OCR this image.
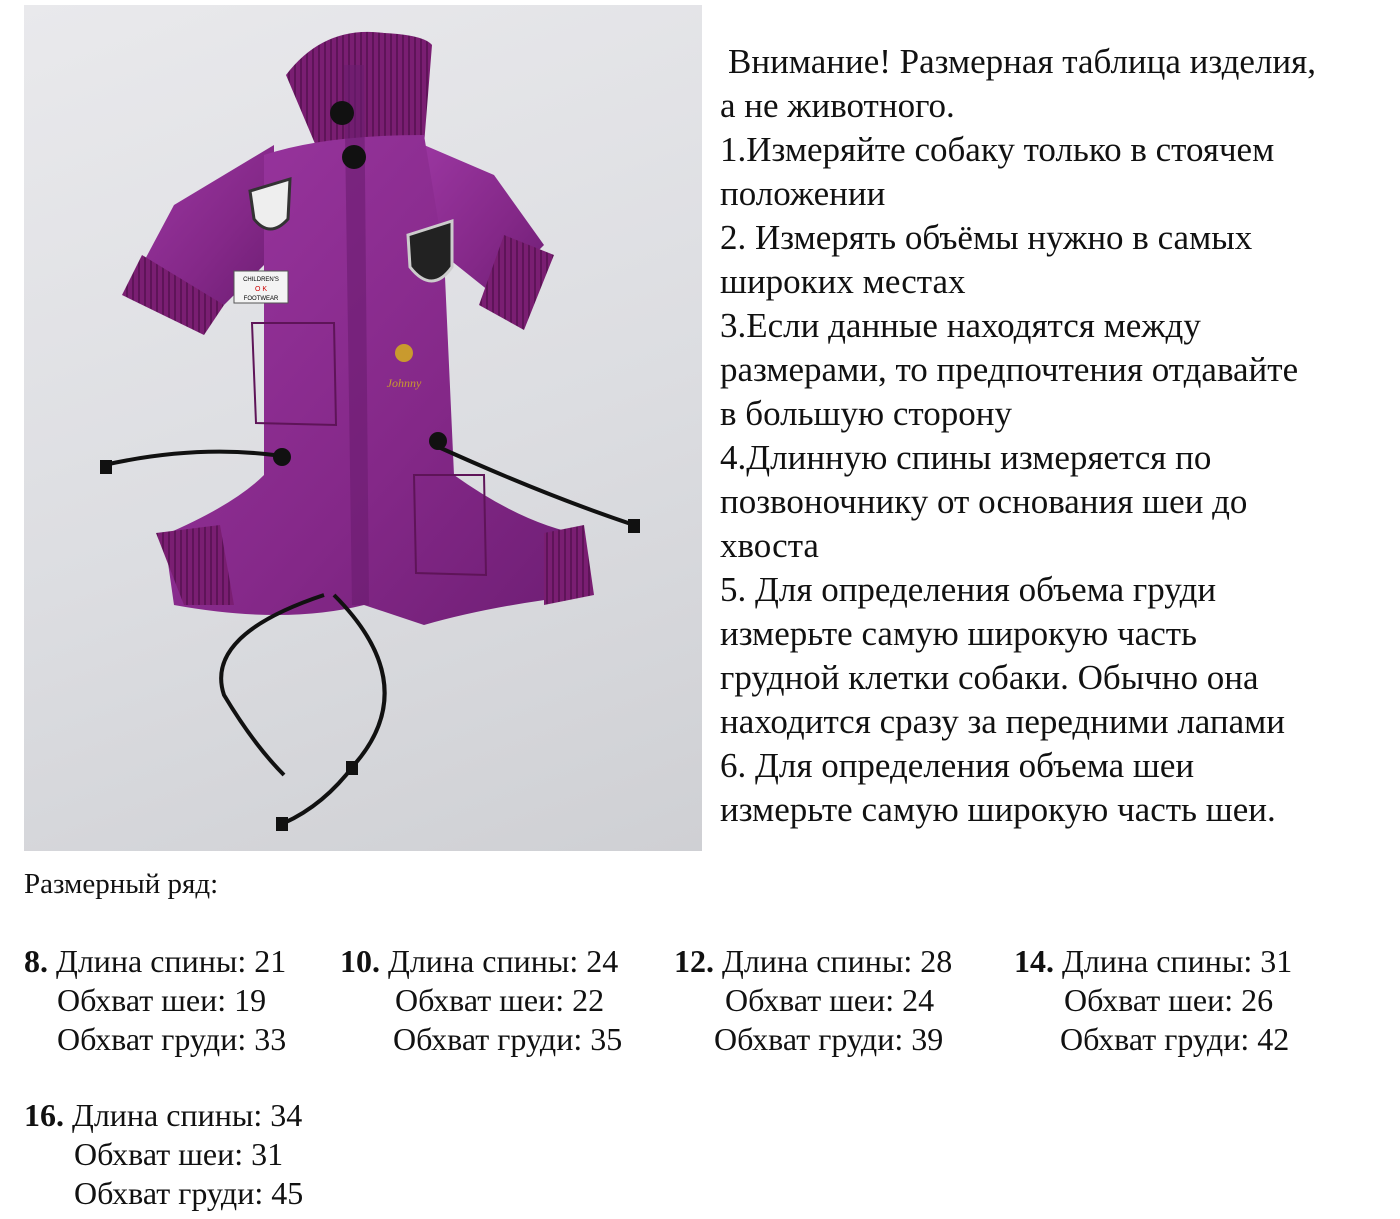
CHILDREN'S
O K
FOOTWEAR
Johnny
Внимание! Размерная таблица изделия,
а не животного.
1.Измеряйте собаку только в стоячем
положении
2. Измерять объёмы нужно в самых
широких местах
3.Если данные находятся между
размерами, то предпочтения отдавайте
в большую сторону
4.Длинную спины измеряется по
позвоночнику от основания шеи до
хвоста
5. Для определения объема груди
измерьте самую широкую часть
грудной клетки собаки. Обычно она
находится сразу за передними лапами
6. Для определения объема шеи
измерьте самую широкую часть шеи.
Размерный ряд:
8. Длина спины: 21
Обхват шеи: 19
Обхват груди: 33
10. Длина спины: 24
Обхват шеи: 22
Обхват груди: 35
12. Длина спины: 28
Обхват шеи: 24
Обхват груди: 39
14. Длина спины: 31
Обхват шеи: 26
Обхват груди: 42
16. Длина спины: 34
Обхват шеи: 31
Обхват груди: 45
